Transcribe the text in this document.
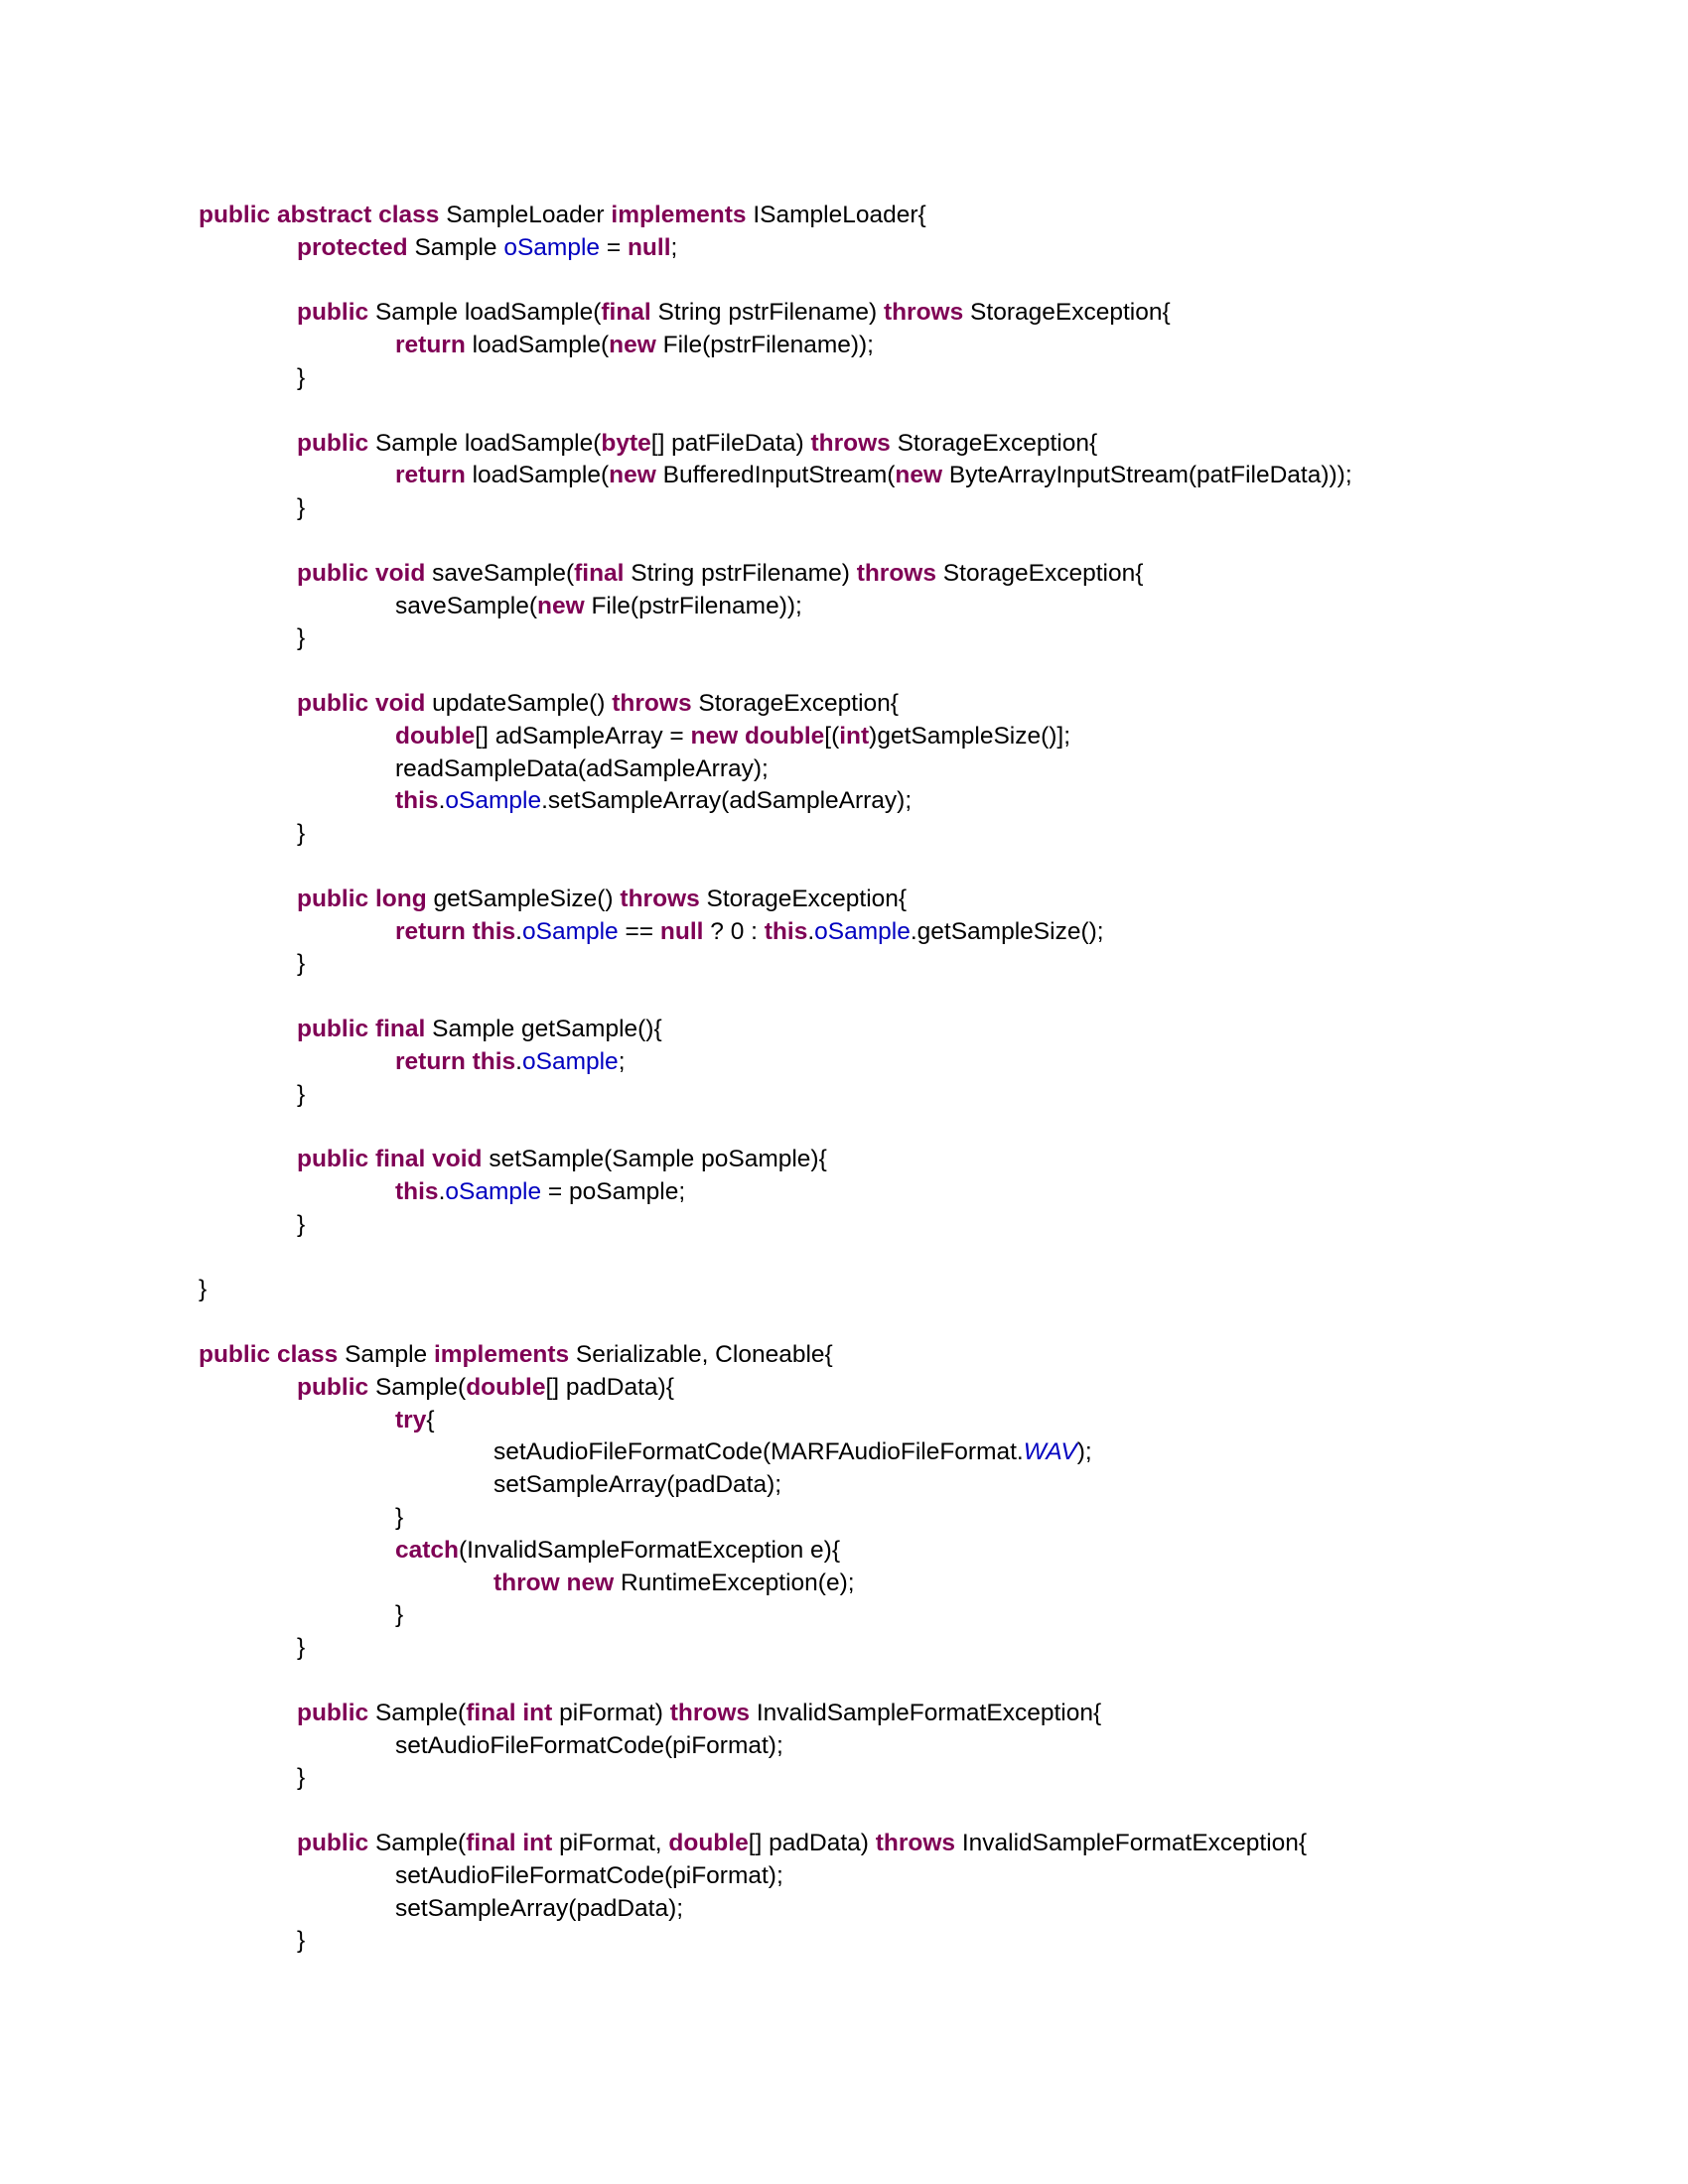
public abstract class SampleLoader implements ISampleLoader{
protected Sample oSample = null;
public Sample loadSample(final String pstrFilename) throws StorageException{
return loadSample(new File(pstrFilename));
}
public Sample loadSample(byte[] patFileData) throws StorageException{
return loadSample(new BufferedInputStream(new ByteArrayInputStream(patFileData)));
}
public void saveSample(final String pstrFilename) throws StorageException{
saveSample(new File(pstrFilename));
}
public void updateSample() throws StorageException{
double[] adSampleArray = new double[(int)getSampleSize()];
readSampleData(adSampleArray);
this.oSample.setSampleArray(adSampleArray);
}
public long getSampleSize() throws StorageException{
return this.oSample == null ? 0 : this.oSample.getSampleSize();
}
public final Sample getSample(){
return this.oSample;
}
public final void setSample(Sample poSample){
this.oSample = poSample;
}
}
public class Sample implements Serializable, Cloneable{
public Sample(double[] padData){
try{
setAudioFileFormatCode(MARFAudioFileFormat.WAV);
setSampleArray(padData);
}
catch(InvalidSampleFormatException e){
throw new RuntimeException(e);
}
}
public Sample(final int piFormat) throws InvalidSampleFormatException{
setAudioFileFormatCode(piFormat);
}
public Sample(final int piFormat, double[] padData) throws InvalidSampleFormatException{
setAudioFileFormatCode(piFormat);
setSampleArray(padData);
}
